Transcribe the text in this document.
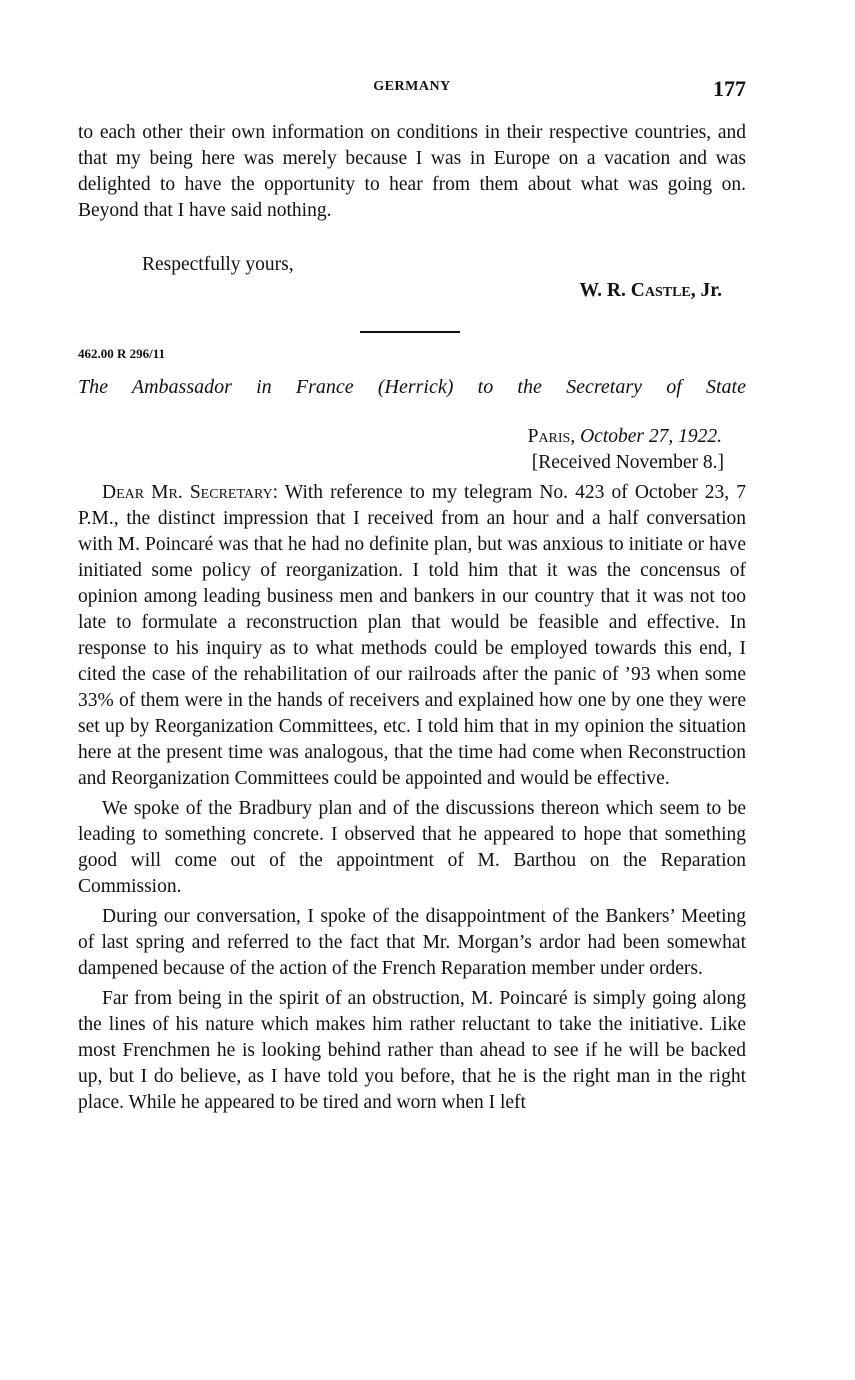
GERMANY	177
to each other their own information on conditions in their respective countries, and that my being here was merely because I was in Europe on a vacation and was delighted to have the opportunity to hear from them about what was going on. Beyond that I have said nothing.
Respectfully yours,
W. R. Castle, Jr.
462.00 R 296/11
The Ambassador in France (Herrick) to the Secretary of State
Paris, October 27, 1922.
[Received November 8.]

Dear Mr. Secretary: With reference to my telegram No. 423 of October 23, 7 P.M., the distinct impression that I received from an hour and a half conversation with M. Poincaré was that he had no definite plan, but was anxious to initiate or have initiated some policy of reorganization. I told him that it was the concensus of opinion among leading business men and bankers in our country that it was not too late to formulate a reconstruction plan that would be feasible and effective. In response to his inquiry as to what methods could be employed towards this end, I cited the case of the rehabilitation of our railroads after the panic of ’93 when some 33% of them were in the hands of receivers and explained how one by one they were set up by Reorganization Committees, etc. I told him that in my opinion the situation here at the present time was analogous, that the time had come when Reconstruction and Reorganization Committees could be appointed and would be effective.

We spoke of the Bradbury plan and of the discussions thereon which seem to be leading to something concrete. I observed that he appeared to hope that something good will come out of the appointment of M. Barthou on the Reparation Commission.

During our conversation, I spoke of the disappointment of the Bankers’ Meeting of last spring and referred to the fact that Mr. Morgan’s ardor had been somewhat dampened because of the action of the French Reparation member under orders.

Far from being in the spirit of an obstruction, M. Poincaré is simply going along the lines of his nature which makes him rather reluctant to take the initiative. Like most Frenchmen he is looking behind rather than ahead to see if he will be backed up, but I do believe, as I have told you before, that he is the right man in the right place. While he appeared to be tired and worn when I left
